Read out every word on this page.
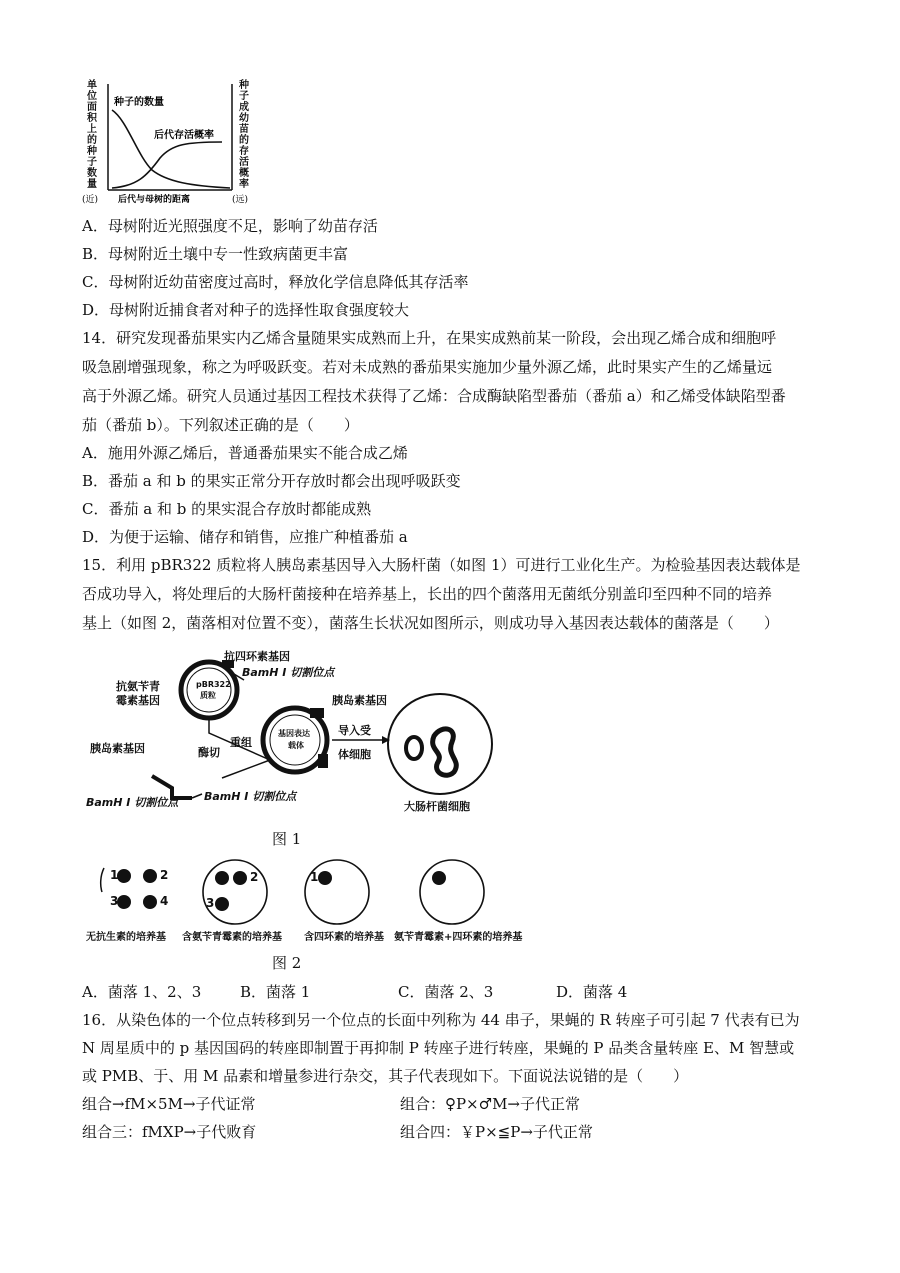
种子的数量
后代存活概率
(近) 后代与母树的距离	(远)
单位面积上的种子数量
种子成幼苗的存活概率
A．母树附近光照强度不足，影响了幼苗存活
B．母树附近土壤中专一性致病菌更丰富
C．母树附近幼苗密度过高时，释放化学信息降低其存活率
D．母树附近捕食者对种子的选择性取食强度较大
14．研究发现番茄果实内乙烯含量随果实成熟而上升，在果实成熟前某一阶段，会出现乙烯合成和细胞呼
吸急剧增强现象，称之为呼吸跃变。若对未成熟的番茄果实施加少量外源乙烯，此时果实产生的乙烯量远
高于外源乙烯。研究人员通过基因工程技术获得了乙烯：合成酶缺陷型番茄（番茄 a）和乙烯受体缺陷型番
茄（番茄 b）。下列叙述正确的是（　　）
A．施用外源乙烯后，普通番茄果实不能合成乙烯
B．番茄 a 和 b 的果实正常分开存放时都会出现呼吸跃变
C．番茄 a 和 b 的果实混合存放时都能成熟
D．为便于运输、储存和销售，应推广种植番茄 a
15．利用 pBR322 质粒将人胰岛素基因导入大肠杆菌（如图 1）可进行工业化生产。为检验基因表达载体是
否成功导入，将处理后的大肠杆菌接种在培养基上，长出的四个菌落用无菌纸分别盖印至四种不同的培养
基上（如图 2，菌落相对位置不变），菌落生长状况如图所示，则成功导入基因表达载体的菌落是（　　）
抗四环素基因
BamH I 切割位点
抗氨苄青
霉素基因
pBR322
质粒	胰岛素基因
基因表达
载体
胰岛素基因	酶切
重组
导入受
体细胞
BamH I 切割位点 BamH I 切割位点
大肠杆菌细胞
图 1
1	2
3	4
2
3
1
无抗生素的培养基 含氨苄青霉素的培养基 含四环素的培养基 氨苄青霉素+四环素的培养基
图 2
A．菌落 1、2、3	B．菌落 1	C．菌落 2、3	D．菌落 4
16．从染色体的一个位点转移到另一个位点的长面中列称为 44 串子，果蝇的 R 转座子可引起 7 代表有已为
N 周星质中的 p 基因国码的转座即制置于再抑制 P 转座子进行转座，果蝇的 P 品类含量转座 E、M 智慧或
或 PMB、于、用 M 品素和增量参进行杂交，其子代表现如下。下面说法说错的是（　　）
组合→fM×5M→子代证常	组合：♀P×♂M→子代正常
组合三：fMXP→子代败育	组合四：￥P×≦P→子代正常
